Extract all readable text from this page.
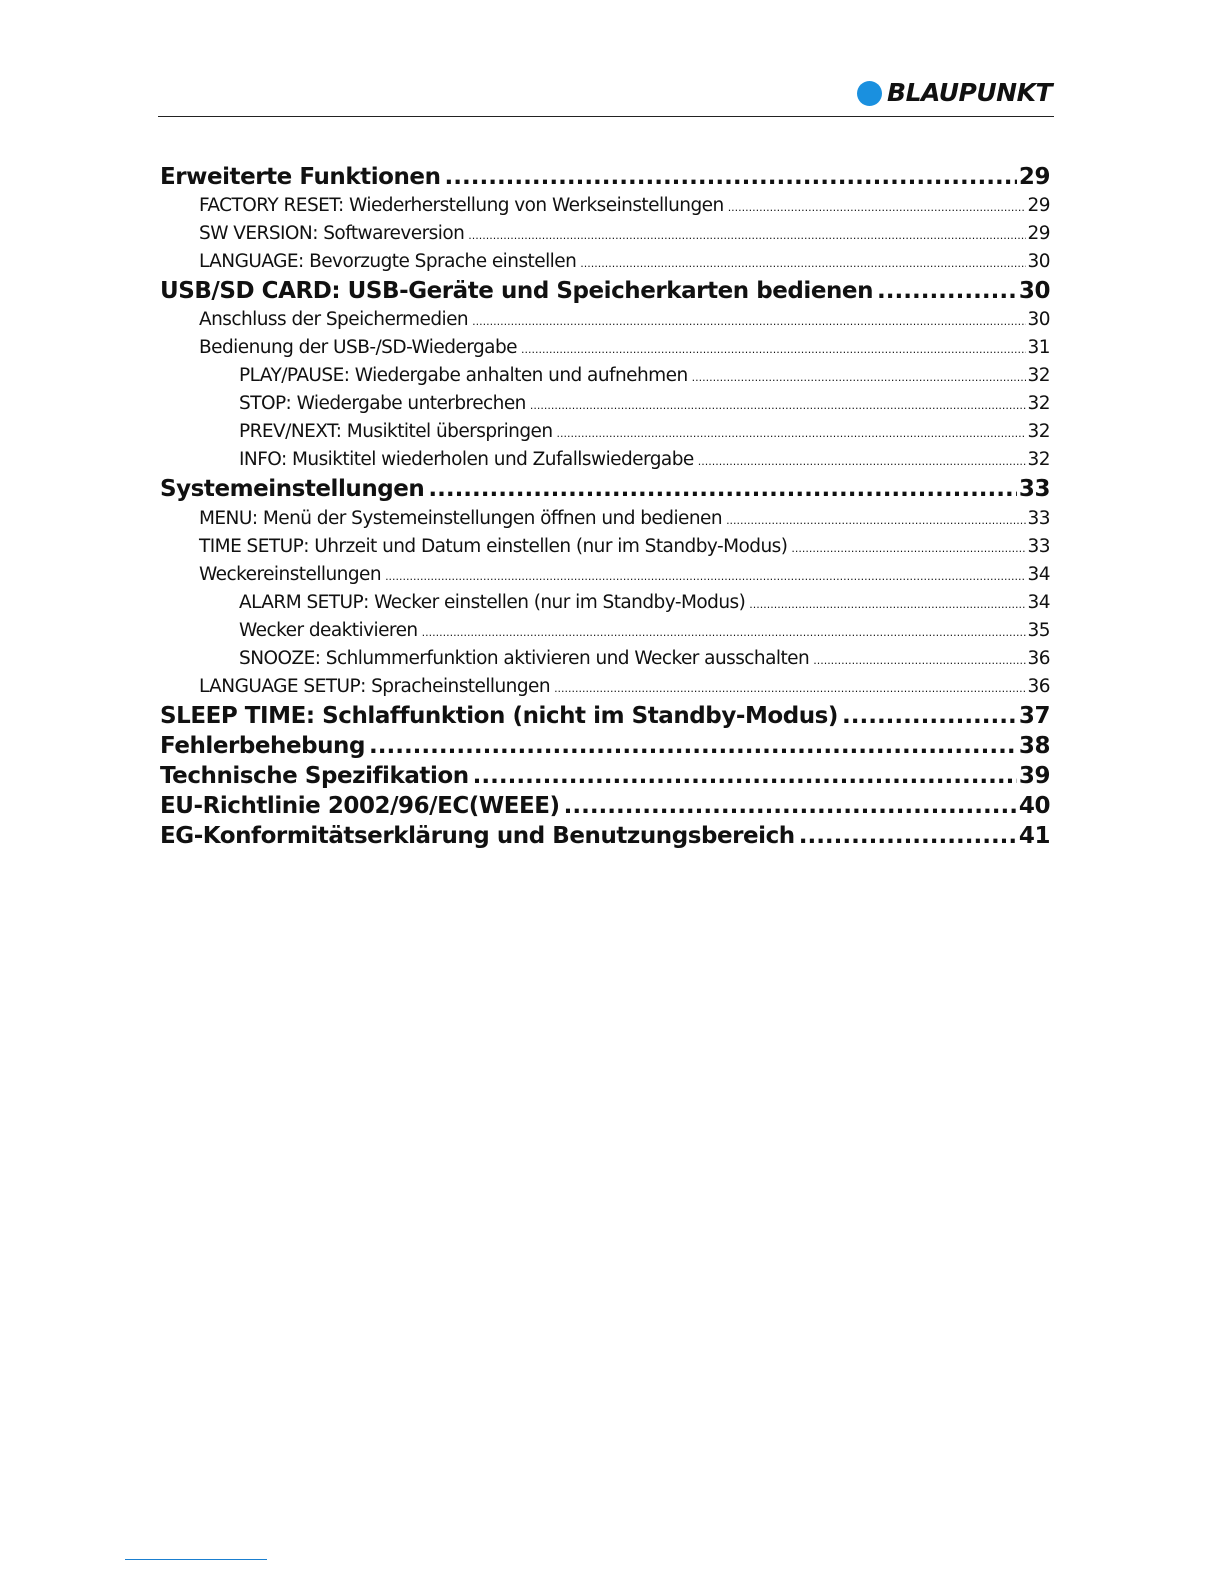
BLAUPUNKT
Erweiterte Funktionen .....	29
FACTORY RESET: Wiederherstellung von Werkseinstellungen .....	29
SW VERSION: Softwareversion .....	29
LANGUAGE: Bevorzugte Sprache einstellen .....	30
USB/SD CARD: USB-Geräte und Speicherkarten bedienen .....	30
Anschluss der Speichermedien .....	30
Bedienung der USB-/SD-Wiedergabe .....	31
PLAY/PAUSE: Wiedergabe anhalten und aufnehmen .....	32
STOP: Wiedergabe unterbrechen .....	32
PREV/NEXT: Musiktitel überspringen .....	32
INFO: Musiktitel wiederholen und Zufallswiedergabe .....	32
Systemeinstellungen .....	33
MENU: Menü der Systemeinstellungen öffnen und bedienen .....	33
TIME SETUP: Uhrzeit und Datum einstellen (nur im Standby-Modus) .....	33
Weckereinstellungen .....	34
ALARM SETUP: Wecker einstellen (nur im Standby-Modus) .....	34
Wecker deaktivieren .....	35
SNOOZE: Schlummerfunktion aktivieren und Wecker ausschalten .....	36
LANGUAGE SETUP: Spracheinstellungen .....	36
SLEEP TIME: Schlaffunktion (nicht im Standby-Modus) .....	37
Fehlerbehebung .....	38
Technische Spezifikation .....	39
EU-Richtlinie 2002/96/EC(WEEE) .....	40
EG-Konformitätserklärung und Benutzungsbereich .....	41
